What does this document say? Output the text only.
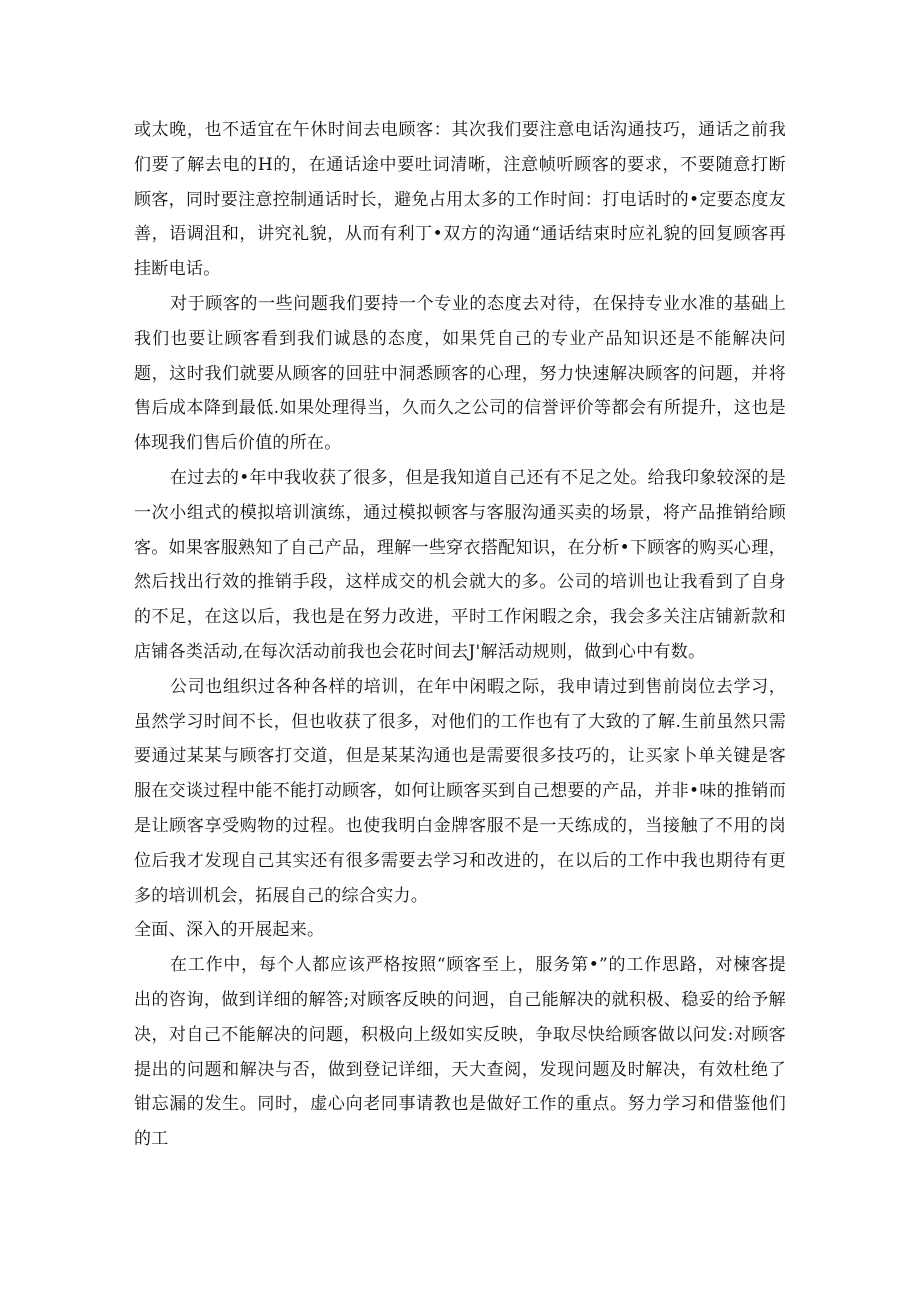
或太晚，也不适宜在午休时间去电顾客：其次我们要注意电话沟通技巧，通话之前我们要了解去电的H的，在通话途中要吐词清晰，注意帧听顾客的要求，不要随意打断顾客，同时要注意控制通话时长，避免占用太多的工作时间：打电话时的•定要态度友善，语调沮和，讲究礼貌，从而有利丁•双方的沟通“通话结束时应礼貌的回复顾客再挂断电话。

对于顾客的一些问题我们要持一个专业的态度去对待，在保持专业水准的基础上我们也要让顾客看到我们诚恳的态度，如果凭自己的专业产品知识还是不能解决问题，这时我们就要从顾客的回驻中洞悉顾客的心理，努力快速解决顾客的问题，并将售后成本降到最低.如果处理得当，久而久之公司的信誉评价等都会有所提升，这也是体现我们售后价值的所在。

在过去的•年中我收获了很多，但是我知道自己还有不足之处。给我印象较深的是一次小组式的模拟培训演练，通过模拟顿客与客服沟通买卖的场景，将产品推销给顾客。如果客服熟知了自己产品，理解一些穿衣搭配知识，在分析•下顾客的购买心理，然后找出行效的推销手段，这样成交的机会就大的多。公司的培训也让我看到了自身的不足，在这以后，我也是在努力改进，平时工作闲暇之余，我会多关注店铺新款和店铺各类活动,在每次活动前我也会花时间去J'解活动规则，做到心中有数。

公司也组织过各种各样的培训，在年中闲暇之际，我申请过到售前岗位去学习，虽然学习时间不长，但也收获了很多，对他们的工作也有了大致的了解.生前虽然只需要通过某某与顾客打交道，但是某某沟通也是需要很多技巧的，让买家卜单关键是客服在交谈过程中能不能打动顾客，如何让顾客买到自己想要的产品，并非•味的推销而是让顾客享受购物的过程。也使我明白金牌客服不是一天练成的，当接触了不用的岗位后我才发现自己其实还有很多需要去学习和改进的，在以后的工作中我也期待有更多的培训机会，拓展自己的综合实力。

全面、深入的开展起来。

在工作中，每个人都应该严格按照“顾客至上，服务第•”的工作思路，对楝客提出的咨询，做到详细的解答;对顾客反映的问迥，自己能解决的就积极、稳妥的给予解决，对自己不能解决的问题，积极向上级如实反映，争取尽快给顾客做以问发:对顾客提出的问题和解决与否，做到登记详细，天大查阅，发现问题及时解决，有效杜绝了钳忘漏的发生。同时，虚心向老同事请教也是做好工作的重点。努力学习和借鉴他们的工
